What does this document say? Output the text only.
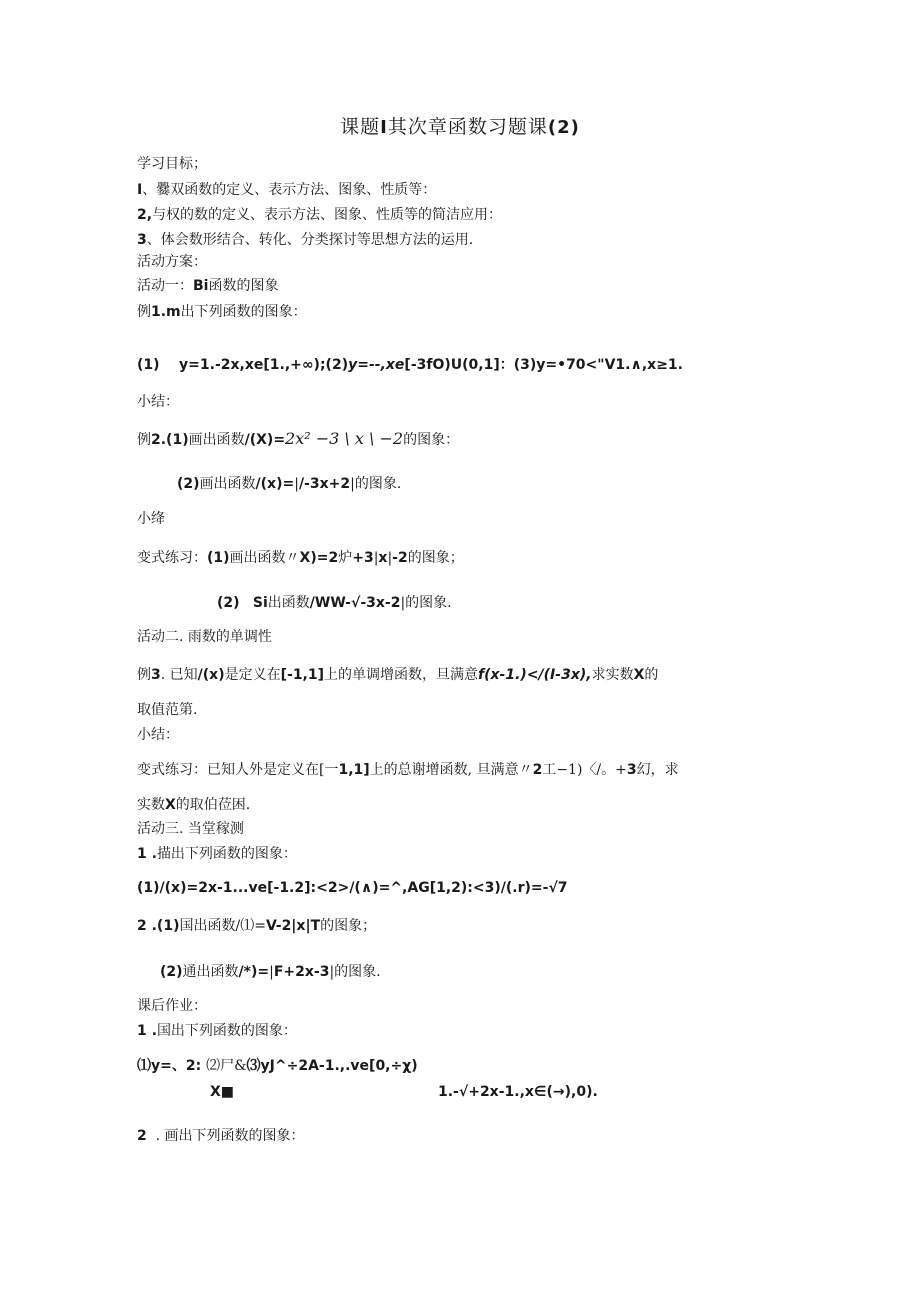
课题I其次章函数习题课(2)
学习目标；
I、爨双函数的定义、表示方法、图象、性质等：
2,与权的数的定义、表示方法、图象、性质等的简洁应用：
3、体会数形结合、转化、分类探讨等思想方法的运用.
活动方案：
活动一：Bi函数的图象
例1.m出下列函数的图象：
(1) y=1.-2x,xe[1.,+∞);(2)y=--,xe[-3fO)U(0,1]：(3)y=•70<"V1.∧,x≥1.
小结：
例2.(1)画出函数/(X)=2x² −3 \ x \ −2的图象：
(2)画出函数/(x)=|/-3x+2|的图象.
小绛
变式练习：(1)画出函数〃X)=2炉+3|x|-2的图象；
(2) Si出函数/WW-√-3x-2|的图象.
活动二. 雨数的单调性
例3. 已知/(x)是定义在[-1,1]上的单调增函数，旦满意f(x-1.)</(I-3x),求实数X的
取值范第.
小结：
变式练习：已知人外是定义在[一1,1]上的总谢增函数, 旦满意〃2工−1)〈/。+3幻，求
实数X的取伯莅困.
活动三. 当堂稼测
1 .描出下列函数的图象：
(1)/(x)=2x-1...ve[-1.2]:<2>/(∧)=^,AG[1,2):<3)/(.r)=-√7
2 .(1)国出函数/⑴=V-2|x|T的图象；
(2)通出函数/*)=|F+2x-3|的图象.
课后作业：
1 .国出下列函数的图象：
⑴y=、2: ⑵尸&⑶yJ^÷2A-1.,.ve[0,÷χ)
X■	1.-√+2x-1.,x∈(→),0).
2 . 画出下列函数的图象：
